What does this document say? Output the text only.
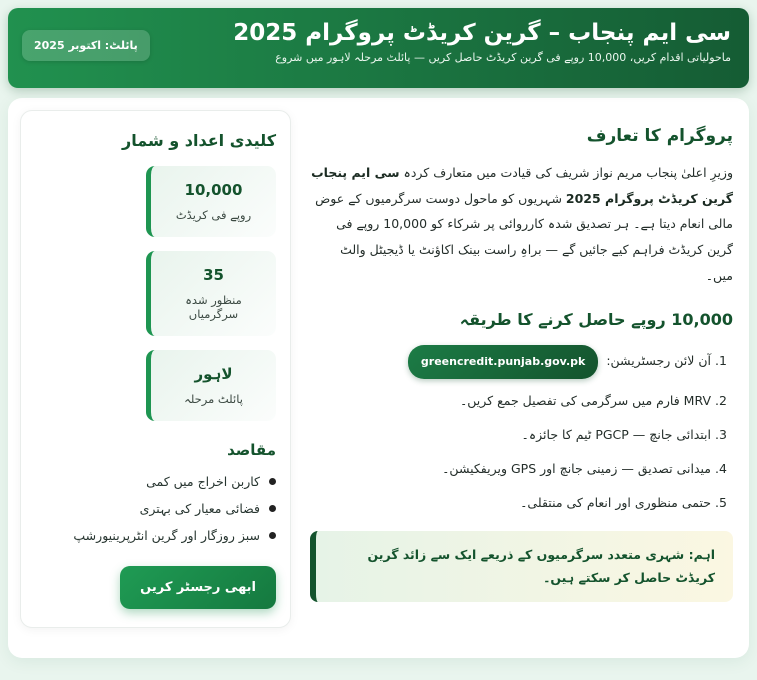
پائلٹ: اکتوبر 2025	سی ایم پنجاب – گرین کریڈٹ پروگرام 2025
ماحولیاتی اقدام کریں، 10,000 روپے فی گرین کریڈٹ حاصل کریں — پائلٹ مرحلہ لاہور میں شروع
پروگرام کا تعارف

وزیرِ اعلیٰ پنجاب مریم نواز شریف کی قیادت میں متعارف کردہ سی ایم پنجاب گرین کریڈٹ پروگرام 2025 شہریوں کو ماحول دوست سرگرمیوں کے عوض مالی انعام دیتا ہے۔ ہر تصدیق شدہ کارروائی پر شرکاء کو 10,000 روپے فی گرین کریڈٹ فراہم کیے جائیں گے — براہِ راست بینک اکاؤنٹ یا ڈیجیٹل والٹ میں۔

10,000 روپے حاصل کرنے کا طریقہ
1. آن لائن رجسٹریشن:greencredit.punjab.gov.pk
2. MRV فارم میں سرگرمی کی تفصیل جمع کریں۔
3. ابتدائی جانچ — PGCP ٹیم کا جائزہ۔
4. میدانی تصدیق — زمینی جانچ اور GPS ویریفکیشن۔
5. حتمی منظوری اور انعام کی منتقلی۔
اہم: شہری متعدد سرگرمیوں کے ذریعے ایک سے زائد گرین کریڈٹ حاصل کر سکتے ہیں۔
کلیدی اعداد و شمار
10,000
روپے فی کریڈٹ
35
منظور شدہ سرگرمیاں
لاہور
پائلٹ مرحلہ
مقاصد
کاربن اخراج میں کمی
فضائی معیار کی بہتری
سبز روزگار اور گرین انٹرپرینیورشپ
ابھی رجسٹر کریں
